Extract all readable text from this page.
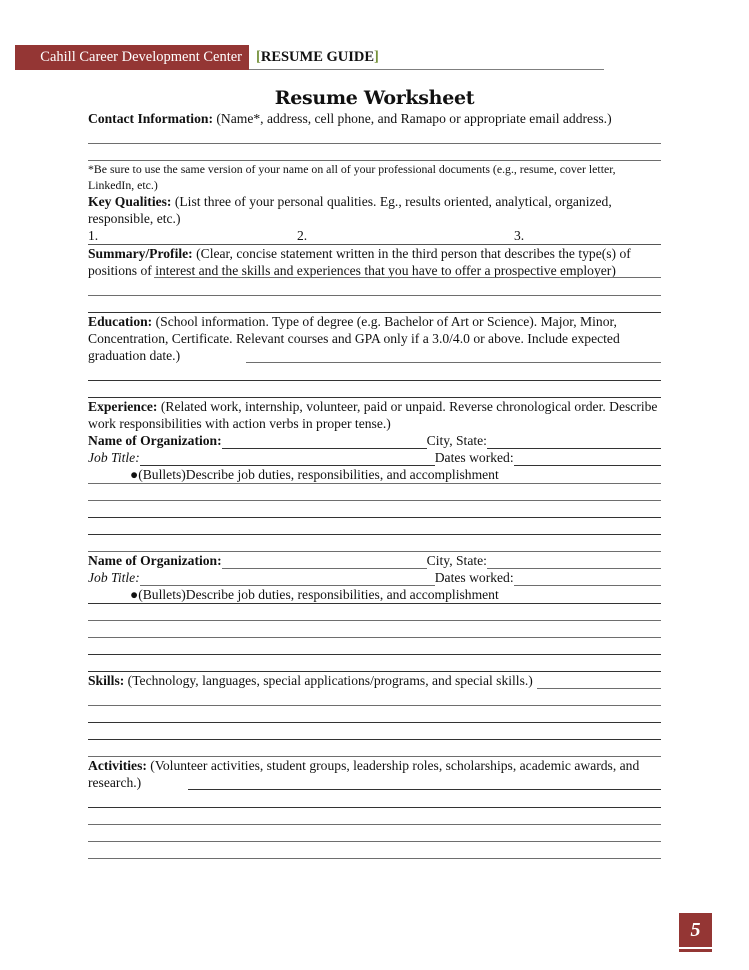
Cahill Career Development Center [RESUME GUIDE]
Resume Worksheet

Contact Information: (Name*, address, cell phone, and Ramapo or appropriate email address.)

*Be sure to use the same version of your name on all of your professional documents (e.g., resume, cover letter, LinkedIn, etc.)

Key Qualities: (List three of your personal qualities. Eg., results oriented, analytical, organized, responsible, etc.)

1.	2.	3.

Summary/Profile: (Clear, concise statement written in the third person that describes the type(s) of positions of interest and the skills and experiences that you have to offer a prospective employer)

Education: (School information. Type of degree (e.g. Bachelor of Art or Science). Major, Minor, Concentration, Certificate. Relevant courses and GPA only if a 3.0/4.0 or above. Include expected graduation date.)

Experience: (Related work, internship, volunteer, paid or unpaid. Reverse chronological order. Describe work responsibilities with action verbs in proper tense.)

Name of Organization:	City, State:
Job Title:	Dates worked:
●(Bullets)Describe job duties, responsibilities, and accomplishment
Name of Organization:	City, State:
Job Title:	Dates worked:
●(Bullets)Describe job duties, responsibilities, and accomplishment
Skills: (Technology, languages, special applications/programs, and special skills.)

Activities: (Volunteer activities, student groups, leadership roles, scholarships, academic awards, and research.)

5
